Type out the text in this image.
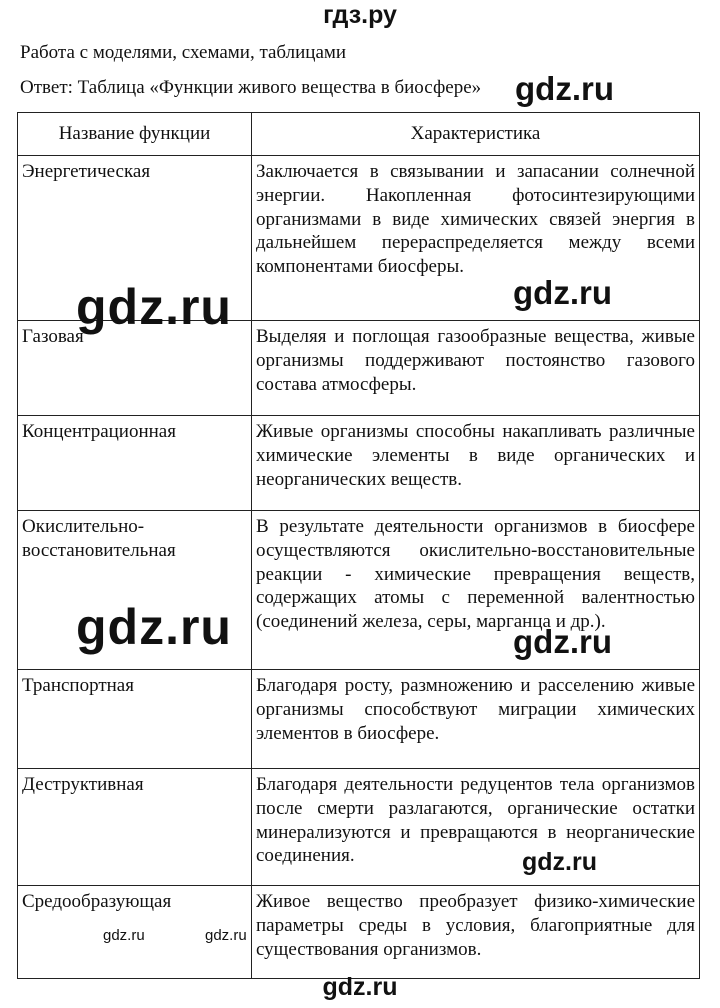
гдз.ру
Работа с моделями, схемами, таблицами
Ответ: Таблица «Функции живого вещества в биосфере»
Название функции	Характеристика
Энергетическая	Заключается в связывании и запасании солнечной энергии. Накопленная фотосинтезирующими организмами в виде химических связей энергия в дальнейшем перераспределяется между всеми компонентами биосферы.
Газовая	Выделяя и поглощая газообразные вещества, живые организмы поддерживают постоянство газового состава атмосферы.
Концентрационная	Живые организмы способны накапливать различные химические элементы в виде органических и неорганических веществ.
Окислительно-восстановительная	В результате деятельности организмов в биосфере осуществляются окислительно-восстановительные реакции - химические превращения веществ, содержащих атомы с переменной валентностью (соединений железа, серы, марганца и др.).
Транспортная	Благодаря росту, размножению и расселению живые организмы способствуют миграции химических элементов в биосфере.
Деструктивная	Благодаря деятельности редуцентов тела организмов после смерти разлагаются, органические остатки минерализуются и превращаются в неорганические соединения.
Средообразующая	Живое вещество преобразует физико-химические параметры среды в условия, благоприятные для существования организмов.
gdz.ru
gdz.ru	gdz.ru
gdz.ru	gdz.ru
gdz.ru
gdz.ru	gdz.ru
gdz.ru
